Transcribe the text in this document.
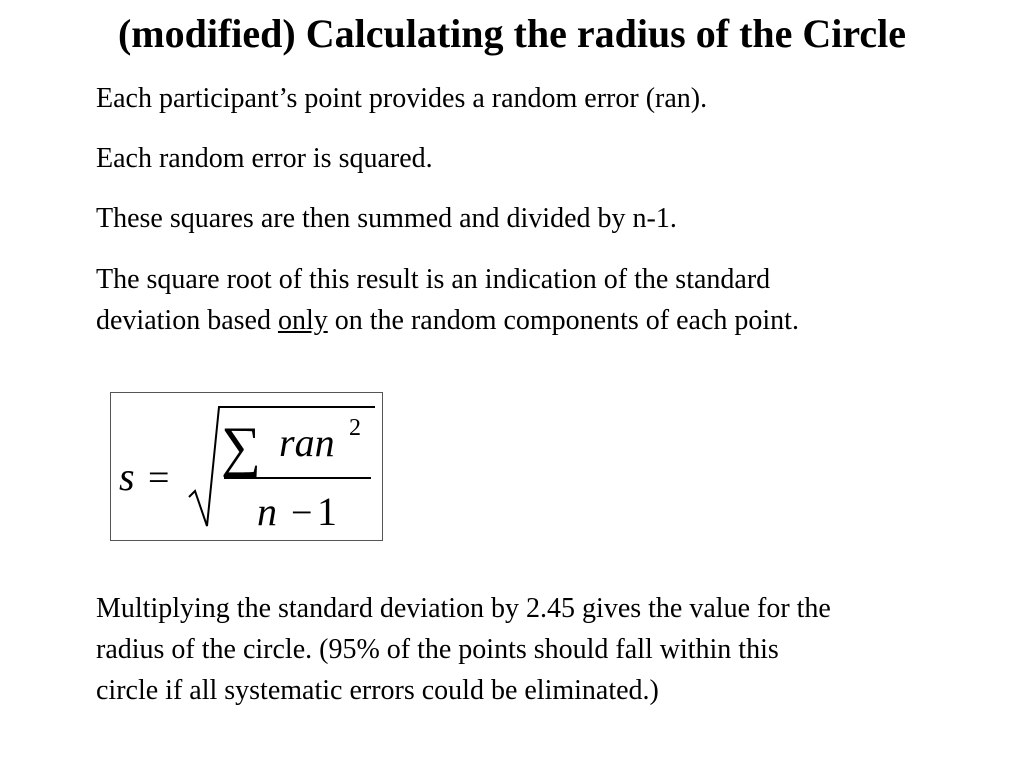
(modified) Calculating the radius of the Circle

Each participant’s point provides a random error (ran).

Each random error is squared.

These squares are then summed and divided by n-1.

The square root of this result is an indication of the standard deviation based only on the random components of each point.

s = ∑ ran 2
n − 1

Multiplying the standard deviation by 2.45 gives the value for the radius of the circle. (95% of the points should fall within this circle if all systematic errors could be eliminated.)
